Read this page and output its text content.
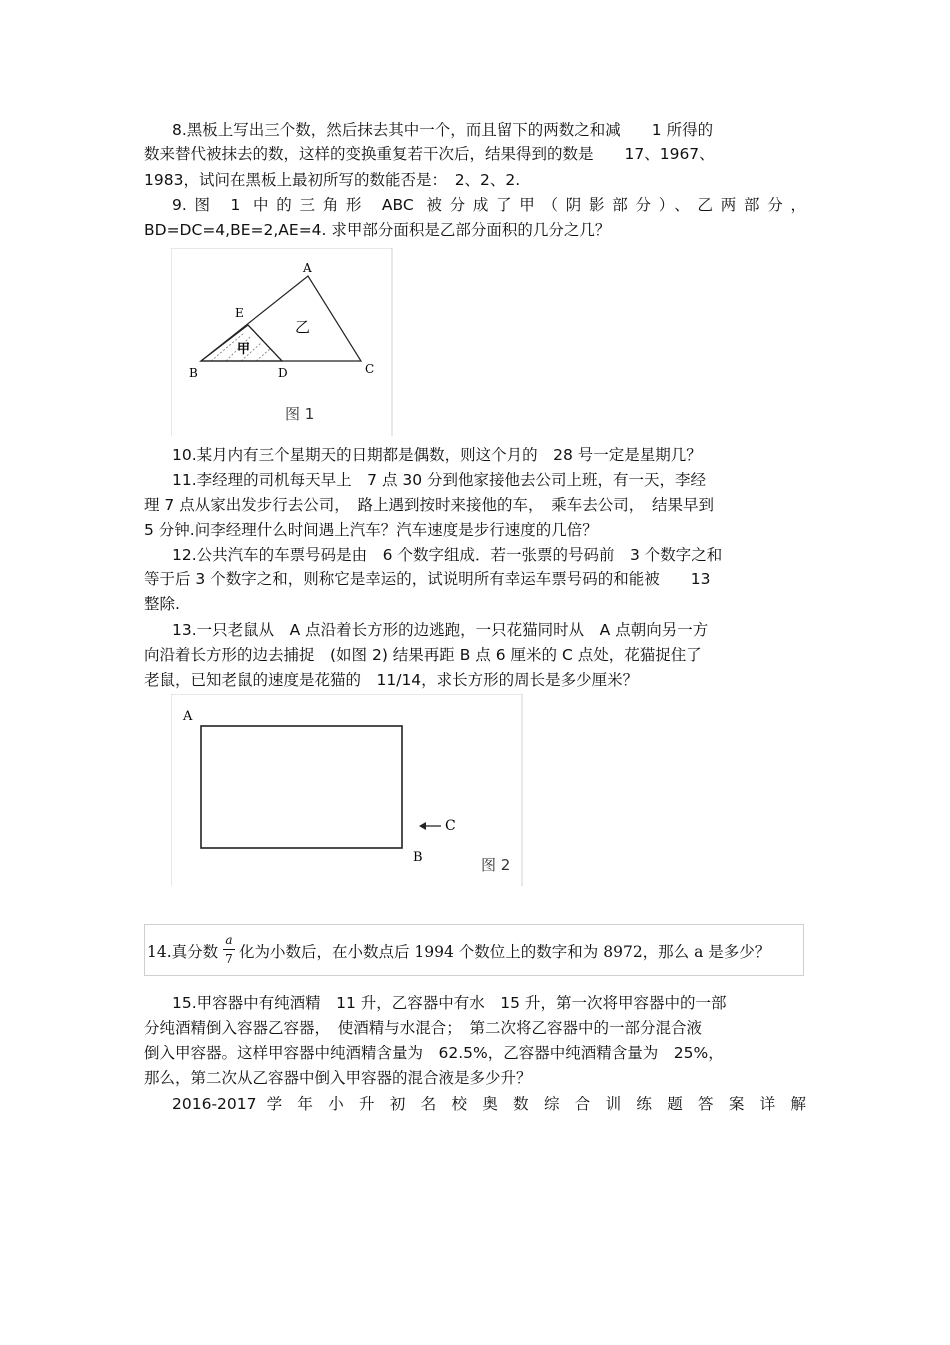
8.黑板上写出三个数，然后抹去其中一个，而且留下的两数之和减　　1 所得的
数来替代被抹去的数，这样的变换重复若干次后，结果得到的数是　　17、1967、
1983，试问在黑板上最初所写的数能否是：　2、2、2.
9.图 1 中的三角形 ABC 被分成了甲（阴影部分）、乙两部分，
BD=DC=4,BE=2,AE=4. 求甲部分面积是乙部分面积的几分之几？
A
E
B	D	C
乙
甲
图 1
10.某月内有三个星期天的日期都是偶数，则这个月的　28 号一定是星期几？
11.李经理的司机每天早上　7 点 30 分到他家接他去公司上班，有一天，李经
理 7 点从家出发步行去公司，　路上遇到按时来接他的车，　乘车去公司，　结果早到
5 分钟.问李经理什么时间遇上汽车？汽车速度是步行速度的几倍？
12.公共汽车的车票号码是由　6 个数字组成．若一张票的号码前　3 个数字之和
等于后 3 个数字之和，则称它是幸运的，试说明所有幸运车票号码的和能被　　13
整除.
13.一只老鼠从　A 点沿着长方形的边逃跑，一只花猫同时从　A 点朝向另一方
向沿着长方形的边去捕捉　(如图 2) 结果再距 B 点 6 厘米的 C 点处，花猫捉住了
老鼠，已知老鼠的速度是花猫的　11/14，求长方形的周长是多少厘米？
A
B
C
图 2
14.真分数 $\frac{a}{7}$ 化为小数后，在小数点后 1994 个数位上的数字和为 8972，那么 a 是多少？
15.甲容器中有纯酒精　11 升，乙容器中有水　15 升，第一次将甲容器中的一部
分纯酒精倒入容器乙容器，　使酒精与水混合；　第二次将乙容器中的一部分混合液
倒入甲容器。这样甲容器中纯酒精含量为　62.5%，乙容器中纯酒精含量为　25%，
那么，第二次从乙容器中倒入甲容器的混合液是多少升？
2016-2017 学 年 小 升 初 名 校 奥 数 综 合 训 练 题 答 案 详 解
